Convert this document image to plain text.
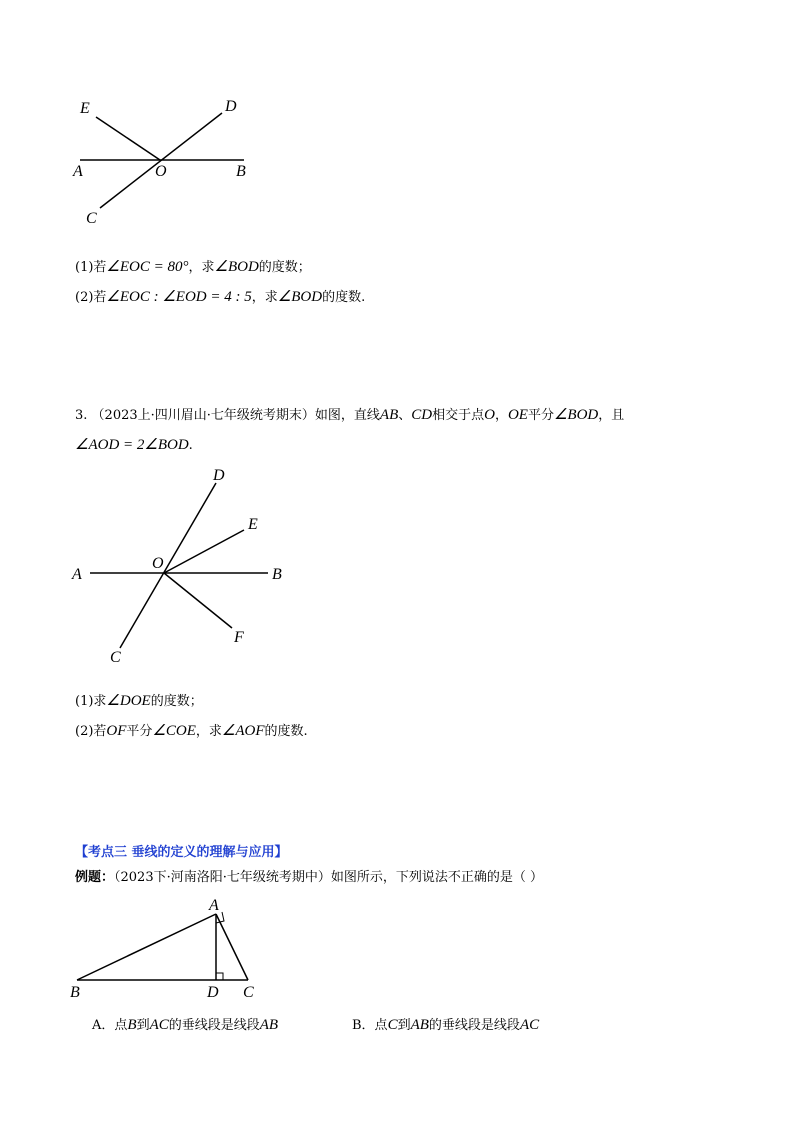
E	D
A	O	B
C
D
E
A
O
B
F
C
A
B	D C
(1)若∠EOC = 80°，求∠BOD的度数；
(2)若∠EOC : ∠EOD = 4 : 5，求∠BOD的度数.
3. （2023上·四川眉山·七年级统考期末）如图，直线AB、CD相交于点O，OE平分∠BOD，且
∠AOD = 2∠BOD.
(1)求∠DOE的度数；
(2)若OF平分∠COE，求∠AOF的度数.
【考点三 垂线的定义的理解与应用】
例题：（2023下·河南洛阳·七年级统考期中）如图所示，下列说法不正确的是（ ）
A．点B到AC的垂线段是线段AB	B．点C到AB的垂线段是线段AC
